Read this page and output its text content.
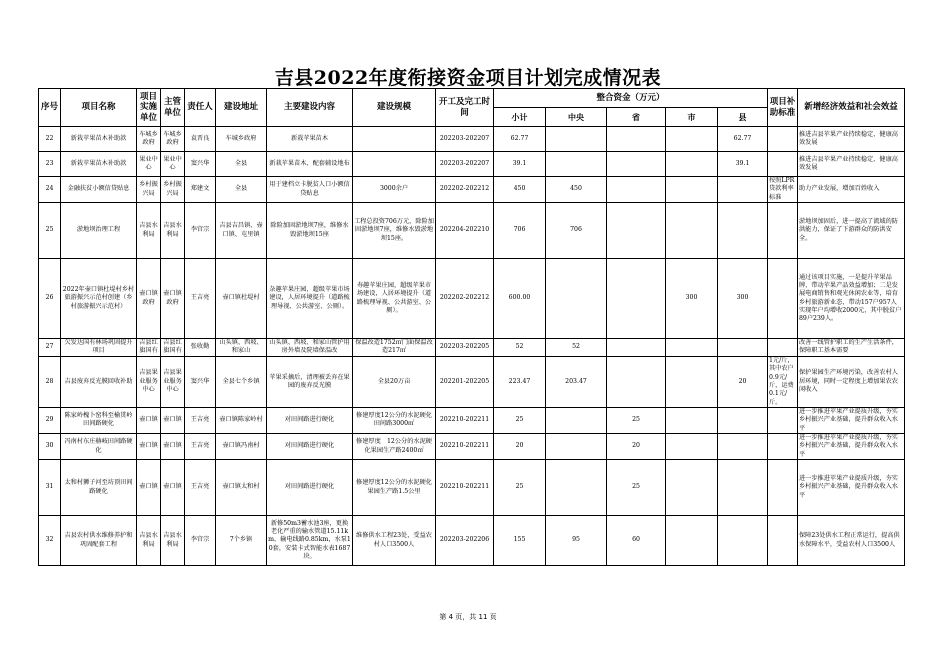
吉县2022年度衔接资金项目计划完成情况表
序号	项目名称	项目实施单位	主管单位	责任人	建设地址	主要建设内容	建设规模	开工及完工时间	整合资金（万元）					项目补助标准	新增经济效益和社会效益
									小计	中央	省	市	县		
22	新栽苹果苗木补助款	车城乡政府	车城乡政府	袁晋良	车城乡政府	新栽苹果苗木		202203-202207	62.77				62.77		推进吉县苹果产业持续稳定、健康高效发展
23	新栽苹果苗木补助款	果业中心	果业中心	窦兴华	全县	新栽苹果苗木、配套辅设地布		202203-202207	39.1				39.1		推进吉县苹果产业持续稳定、健康高效发展
24	金融扶贫小额信贷贴息	乡村振兴局	乡村振兴局	郑建文	全县	用于建档立卡脱贫人口小额信贷贴息	3000余户	202202-202212	450	450				按照LPR贷款利率标准	助力产业发展，增加百姓收入
25	淤地坝治理工程	吉县水利局	吉县水利局	李宫宗	吉县吉昌镇、壶口镇、屯里镇	除险加固淤地坝7座，维修水毁淤地坝15座	工程总投资706万元，除险加固淤地坝7座，维修水毁淤地坝15座。	202204-202210	706	706					淤地坝加固后，进一提高了流域的防洪能力，保证了下游群众的防洪安全。
26	2022年壶口镇杜堤村乡村旅游振兴示范村创建（乡村旅游振兴示范村）	壶口镇政府	壶口镇政府	王吉亮	壶口镇杜堤村	杂趣苹果庄园，超级苹果市场建设，人居环境提升（道路梳理导视、公共游室、公厕）。	寿趣苹果庄园，超级苹果市场建设，人居环境提升（道路梳理导视、公共游室、公厕）。	202202-202212	600.00			300	300		通过该项目实施，一是提升苹果品牌，带动苹果产品效益增加；二是发展电商销售和观光休闲农业等，培育乡村旅游新业态，带动157户957人实现年户均增收2000元，其中脱贫户89户239人。
27	欠发达国有林场巩固提升项目	吉县红旗国有	吉县红旗国有	张收勤	山头镇、西坡、和家山	山头镇、西坡、和家山管护用房外墙及院墙保温改	保温改造1752㎡门面保温改造217㎡	202203-202205	52	52					改善一线管护职工的生产生活条件，保障职工基本需要
28	吉县废弃反光膜回收补助	吉县果业服务中心	吉县果业服务中心	窦兴华	全县七个乡镇	苹果采摘后，清理被丢弃在果园的废弃反光膜	全县20万亩	202201-202205	223.47	203.47			20	1元/斤，其中农户0.9元/斤，运费0.1元/斤。	保护果园生产环境污染，改善农村人居环境，同时一定程度上增加果农农闲收入
29	陈家岭槐卜窑科至榆贯岭田间路硬化	壶口镇	壶口镇	王吉亮	壶口镇陈家岭村	对田间路进行硬化	修建厚度12公分的水泥硬化田间路3000㎡	202210-202211	25		25				进一步推进苹果产业提质升级，夯实乡村振兴产业基础，提升群众收入水平
30	冯南村东庄赫岐田间路硬化	壶口镇	壶口镇	王吉亮	壶口镇冯南村	对田间路进行硬化	修建厚度　12公分的水泥硬化果园生产路2400㎡	202210-202211	20		20				进一步推进苹果产业提质升级，夯实乡村振兴产业基础，提升群众收入水平
31	太和村狮子河至坊顶田间路硬化	壶口镇	壶口镇	王吉亮	壶口镇太和村	对田间路进行硬化	修建厚度12公分的水泥硬化果园生产路1.5公里	202210-202211	25		25				进一步推进苹果产业提质升级，夯实乡村振兴产业基础，提升群众收入水平
32	吉县农村供水维修养护和巩固配套工程	吉县水利局	吉县水利局	李宫宗	7个乡镇	新修50m3蓄水池3座，更换老化严重的输水管道15.11km，输电线路0.85km，水泵10套，安装卡式智能水表1687块。	维修供水工程23处，受益农村人口3500人	202203-202206	155	95	60				保障23处供水工程正常运行，提高供水保障水平，受益农村人口3500人
第 4 页，共 11 页
